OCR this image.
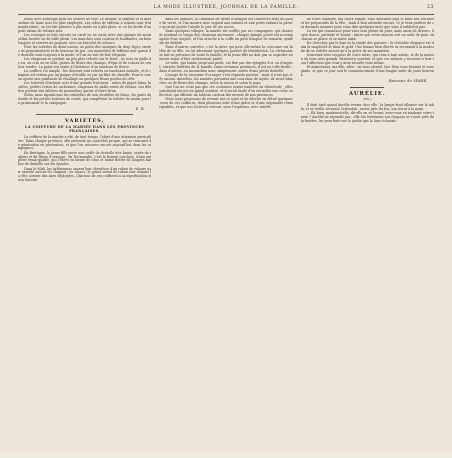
LA MODE ILLUSTRÉE, JOURNAL DE LA FAMILLE.	23

tenus avec avantage pour les soirées de ville. Le mohair, le taffetas et la mousseline de laine sont les plus employés. Les robes de taffetas à volants sont très nombreuses ; on les fait plissées à plis ronds ou à plis plats, et on les borde d'un petit ruban de velours noir.

Les corsages se font ouverts en carré ou en cœur, avec une guimpe de mousseline brodée ou de tulle plissé. Les manches sont courtes et bouffantes, ou bien longues et serrées au poignet, avec un bracelet de velours.

Pour les toilettes de demi-saison, on porte des casaques de drap léger, ornées de passementerie et de boutons de jais. Les mantelets de taffetas noir garnis de dentelle sont toujours à la mode, et l'on en voit de fort élégants.

Les chapeaux se portent un peu plus relevés sur le front ; ils sont en paille de riz, en crin ou en tulle, garnis de fleurs des champs, d'épis et de rubans de couleur tendre. La passe est ornée à l'intérieur d'un bandeau de fleurs.

La coiffure est simple : les cheveux sont relevés en bandeaux ondulés, et le chignon est retenu par un peigne d'écaille ou par un filet de chenille. Pour le soir, on ajoute une guirlande de feuillage ou quelques fleurs posées de côté.

Les toilettes d'enfants sont d'une grande fraîcheur : robes de piqué blanc brodées, petites vestes de cachemire, chapeaux de paille ornés de rubans. Les fillettes portent des tabliers de mousseline garnis d'entre-deux.

Enfin, nous signalerons les ombrelles de soie doublées de blanc, les gants de Suède et les petites bottines de coutil, qui complètent la toilette du matin pour la promenade et la campagne.

E. R.
VARIÉTÉS.
LA COIFFURE DE LA MARIÉE DANS LES PROVINCES FRANÇAISES.

La coiffure de la mariée a été, de tout temps, l'objet d'une attention particulière. Dans chaque province, elle présente un caractère propre, qui se transmet de génération en génération, et que l'on retrouve encore aujourd'hui dans les campagnes.

En Bretagne, la jeune fille porte une coiffe de dentelle très haute, ornée de rubans et de fleurs d'oranger ; en Normandie, c'est le bonnet cauchois, d'une ampleur remarquable, qui s'élève en forme de cône et laisse flotter de longues barbes de dentelle sur les épaules.

Dans le Midi, les Arlésiennes ornent leur chevelure d'un ruban de velours noir enroulé autour du chignon ; en Alsace, le grand nœud de ruban noir domine la tête comme des ailes déployées. Chacune de ces coiffures a sa signification et son histoire.

dans les familles, la couronne de fleurs d'oranger est conservée sous un globe de verre, et l'on montre avec orgueil aux enfants et aux petits-enfants la parure qu'avait portée l'aïeule le jour de ses noces.

Dans quelques villages, la mariée est coiffée par ses compagnes, qui chantent pendant ce temps des chansons anciennes ; chaque épingle posée est accompagnée d'un couplet, et l'on attache à la coiffe un petit bouquet de romarin, symbole de fidélité.

Dans d'autres contrées, c'est la mère qui pose elle-même la couronne sur la tête de sa fille, en lui adressant quelques paroles de bénédiction. La cérémonie se fait en présence de toute la famille, et la jeune fille ne doit pas se regarder au miroir avant d'être entièrement parée.

Le voile, qui tombe jusqu'aux pieds, est fixé par des épingles d'or ou d'argent, souvent héritées de la famille. Dans certaines provinces, il est en tulle brodé ; dans d'autres, en mousseline unie, simplement ourlée d'une petite dentelle.

L'usage de la couronne d'oranger s'est répandu partout ; mais il n'est pas très ancien. Autrefois, les mariées portaient une couronne de myrte, de roses blanches ou de fleurs des champs, selon la saison et selon le pays.

Que l'on ne croie pas que ces coutumes soient tombées en désuétude ; elles subsistent encore en grand nombre, et il serait facile d'en recueillir une riche collection, qui offrirait un tableau curieux des mœurs de nos provinces.

Nous nous proposons de revenir sur ce sujet et de décrire en détail quelques-unes de ces coiffures, dont plusieurs sont d'une grâce et d'une originalité remarquables, et que nos lectrices verront, nous l'espérons, avec intérêt.

de votre chambre, ma chère enfant, vous entendez déjà le bruit des voitures et les préparatifs de la fête ; mais il faut attendre encore, et je veux profiter de ces derniers instants pour vous dire quelques mots que vous n'oublierez pas.

La vie qui commence pour vous sera pleine de joies, mais aussi de devoirs. Soyez douce, patiente et bonne ; faites que votre maison soit un asile de paix, où chacun se plaise et se sente aimé.

Ne cherchez pas le luxe ni la vanité des parures ; la véritable élégance est dans la simplicité et dans le goût. Une femme bien élevée se reconnaît à la modestie de sa toilette autant qu'à la grâce de ses manières.

Souvenez-vous toujours de votre mère, qui vous a tant aimée, et de la maison où vous avez grandi. Revenez-y souvent, et que vos enfants y trouvent à leur tour l'affection que vous y avez trouvée vous-même.

Et maintenant, ma fille, allez : on vous attend. Que Dieu vous bénisse et vous garde, et que ce jour soit le commencement d'une longue suite de jours heureux.

Baronne de SPARE.
AURÉLIE.
(Fin.)

Il était tard quand Aurélie rentra chez elle ; la lampe était allumée sur la table, et sa vieille servante l'attendait, assise près du feu, son tricot à la main.

— Eh bien, mademoiselle, dit-elle en se levant, avez-vous vu madame votre tante ? Aurélie ne répondit pas ; elle ôta lentement son chapeau et s'assit près de la fenêtre, les yeux fixés sur le jardin que la lune éclairait.
